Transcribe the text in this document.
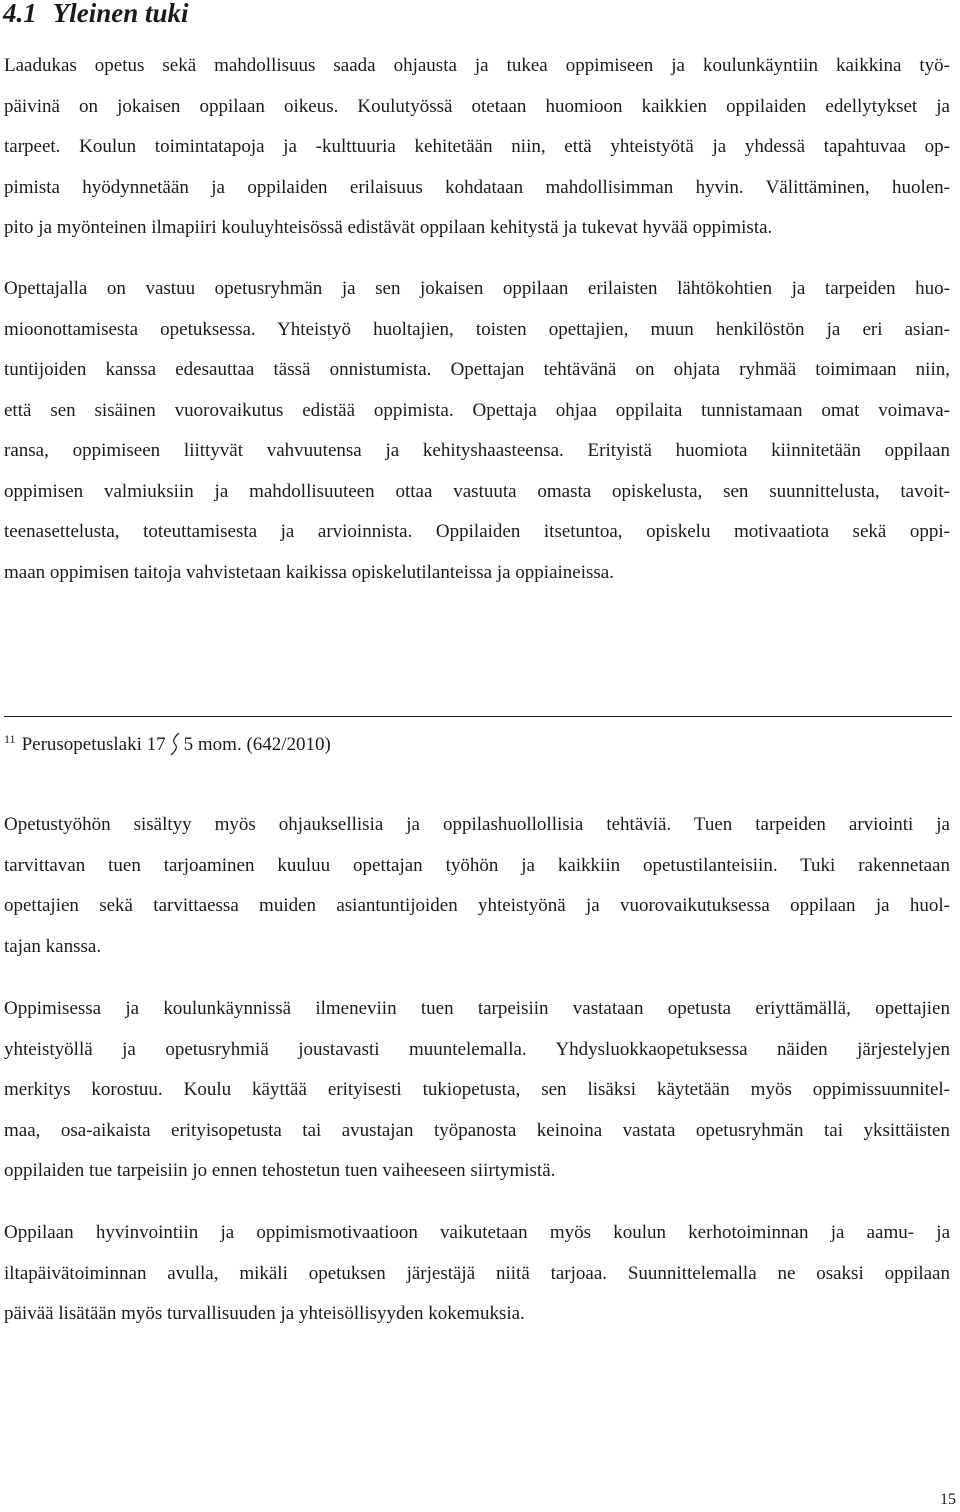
4.1 Yleinen tuki
Laadukas opetus sekä mahdollisuus saada ohjausta ja tukea oppimiseen ja koulunkäyntiin kaikkina työ-
päivinä on jokaisen oppilaan oikeus. Koulutyössä otetaan huomioon kaikkien oppilaiden edellytykset ja
tarpeet. Koulun toimintatapoja ja -kulttuuria kehitetään niin, että yhteistyötä ja yhdessä tapahtuvaa op-
pimista hyödynnetään ja oppilaiden erilaisuus kohdataan mahdollisimman hyvin. Välittäminen, huolen-
pito ja myönteinen ilmapiiri kouluyhteisössä edistävät oppilaan kehitystä ja tukevat hyvää oppimista.
Opettajalla on vastuu opetusryhmän ja sen jokaisen oppilaan erilaisten lähtökohtien ja tarpeiden huo-
mioonottamisesta opetuksessa. Yhteistyö huoltajien, toisten opettajien, muun henkilöstön ja eri asian-
tuntijoiden kanssa edesauttaa tässä onnistumista. Opettajan tehtävänä on ohjata ryhmää toimimaan niin,
että sen sisäinen vuorovaikutus edistää oppimista. Opettaja ohjaa oppilaita tunnistamaan omat voimava-
ransa, oppimiseen liittyvät vahvuutensa ja kehityshaasteensa. Erityistä huomiota kiinnitetään oppilaan
oppimisen valmiuksiin ja mahdollisuuteen ottaa vastuuta omasta opiskelusta, sen suunnittelusta, tavoit-
teenasettelusta, toteuttamisesta ja arvioinnista. Oppilaiden itsetuntoa, opiskelu motivaatiota sekä oppi-
maan oppimisen taitoja vahvistetaan kaikissa opiskelutilanteissa ja oppiaineissa.

$^{11}$ Perusopetuslaki 17 5 mom. (642/2010)

Opetustyöhön sisältyy myös ohjauksellisia ja oppilashuollollisia tehtäviä. Tuen tarpeiden arviointi ja
tarvittavan tuen tarjoaminen kuuluu opettajan työhön ja kaikkiin opetustilanteisiin. Tuki rakennetaan
opettajien sekä tarvittaessa muiden asiantuntijoiden yhteistyönä ja vuorovaikutuksessa oppilaan ja huol-
tajan kanssa.
Oppimisessa ja koulunkäynnissä ilmeneviin tuen tarpeisiin vastataan opetusta eriyttämällä, opettajien
yhteistyöllä ja opetusryhmiä joustavasti muuntelemalla. Yhdysluokkaopetuksessa näiden järjestelyjen
merkitys korostuu. Koulu käyttää erityisesti tukiopetusta, sen lisäksi käytetään myös oppimissuunnitel-
maa, osa-aikaista erityisopetusta tai avustajan työpanosta keinoina vastata opetusryhmän tai yksittäisten
oppilaiden tue tarpeisiin jo ennen tehostetun tuen vaiheeseen siirtymistä.
Oppilaan hyvinvointiin ja oppimismotivaatioon vaikutetaan myös koulun kerhotoiminnan ja aamu- ja
iltapäivätoiminnan avulla, mikäli opetuksen järjestäjä niitä tarjoaa. Suunnittelemalla ne osaksi oppilaan
päivää lisätään myös turvallisuuden ja yhteisöllisyyden kokemuksia.

15
